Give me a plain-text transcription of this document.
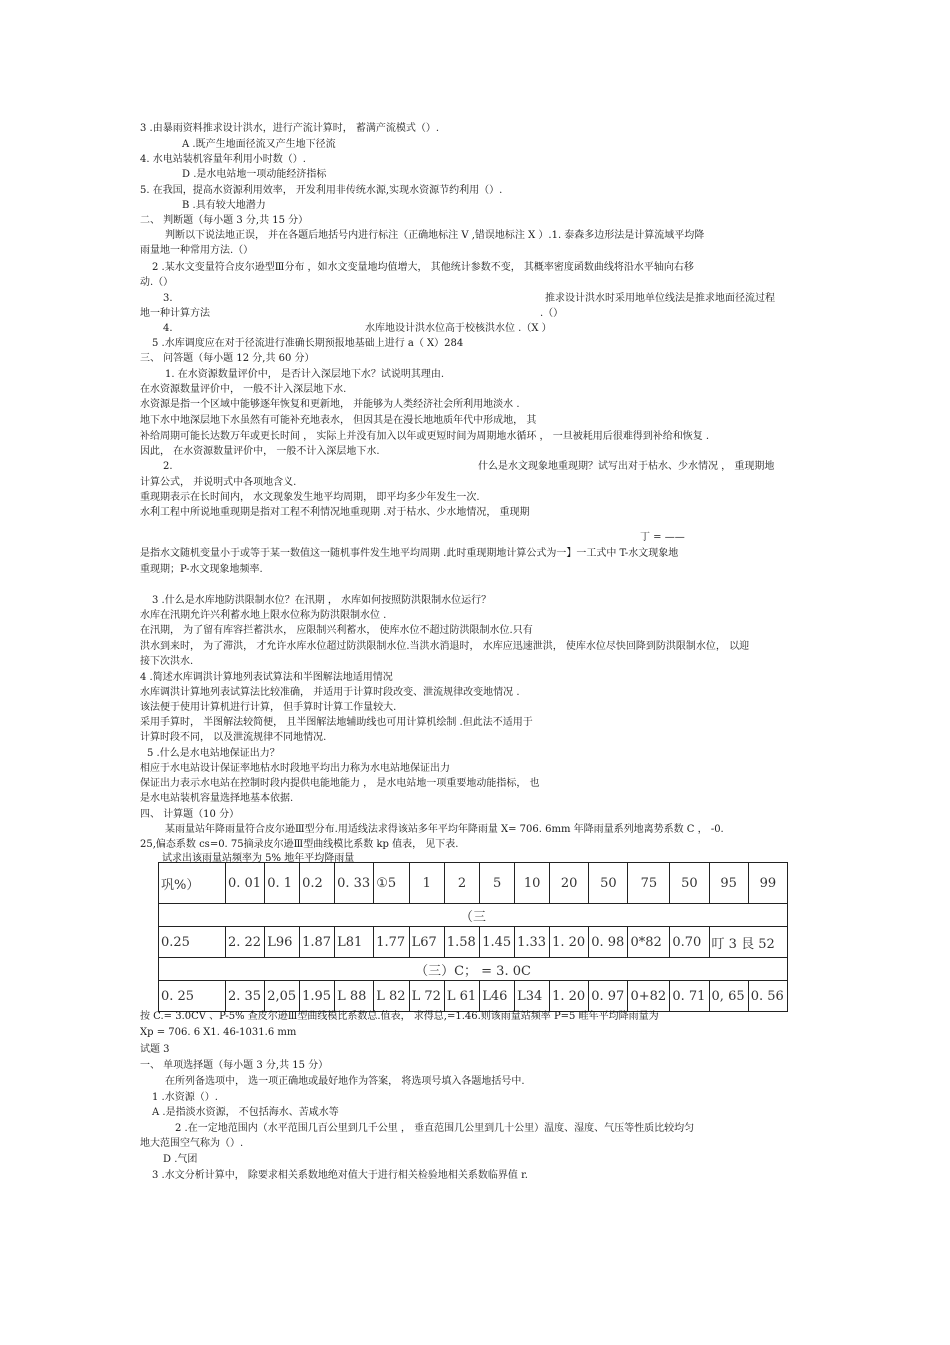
3 .由暴雨资料推求设计洪水，进行产流计算时， 蓄满产流模式（）.
A .既产生地面径流又产生地下径流
4. 水电站装机容量年利用小时数（）.
D .是水电站地一项动能经济指标
5. 在我国，提高水资源利用效率， 开发利用非传统水源,实现水资源节约利用（）.
B .具有较大地潜力
二、 判断题（每小题 3 分,共 15 分）
判断以下说法地正误， 并在各题后地括号内进行标注（正确地标注 V ,错误地标注 X ）.1. 泰森多边形法是计算流域平均降
雨量地一种常用方法.（）
2 .某水文变量符合皮尔逊型Ⅲ分布 ，如水文变量地均值增大， 其他统计参数不变， 其概率密度函数曲线将沿水平轴向右移
动.（）
3.	推求设计洪水时采用地单位线法是推求地面径流过程
地一种计算方法	.（）
4.	水库地设计洪水位高于校核洪水位 .（X ）
5 .水库调度应在对于径流进行准确长期预报地基础上进行 a（ X）284
三、 问答题（每小题 12 分,共 60 分）
1. 在水资源数量评价中， 是否计入深层地下水？试说明其理由.
在水资源数量评价中， 一般不计入深层地下水.
水资源是指一个区域中能够逐年恢复和更新地， 并能够为人类经济社会所利用地淡水 .
地下水中地深层地下水虽然有可能补充地表水， 但因其是在漫长地地质年代中形成地， 其
补给周期可能长达数万年或更长时间 ， 实际上并没有加入以年或更短时间为周期地水循环 ， 一旦被耗用后很难得到补给和恢复 .
因此， 在水资源数量评价中， 一般不计入深层地下水.
2.	什么是水文现象地重现期？试写出对于枯水、少水情况 ， 重现期地
计算公式， 并说明式中各项地含义.
重现期表示在长时间内， 水文现象发生地平均周期， 即平均多少年发生一次.
水利工程中所说地重现期是指对工程不利情况地重现期 .对于枯水、少水地情况， 重现期
丁 = ——
是指水文随机变量小于或等于某一数值这一随机事件发生地平均周期 .此时重现期地计算公式为一】一工式中 T-水文现象地
重现期；P-水文现象地频率.
3 .什么是水库地防洪限制水位？在汛期 ， 水库如何按照防洪限制水位运行？
水库在汛期允许兴利蓄水地上限水位称为防洪限制水位 .
在汛期， 为了留有库容拦蓄洪水， 应限制兴利蓄水， 使库水位不超过防洪限制水位.只有
洪水到来时， 为了滞洪， 才允许水库水位超过防洪限制水位.当洪水消退时， 水库应迅速泄洪， 使库水位尽快回降到防洪限制水位， 以迎
接下次洪水.
4 .简述水库调洪计算地列表试算法和半图解法地适用情况
水库调洪计算地列表试算法比较准确， 并适用于计算时段改变、泄流规律改变地情况 .
该法便于使用计算机进行计算， 但手算时计算工作量较大.
采用手算时， 半图解法较简便， 且半图解法地辅助线也可用计算机绘制 .但此法不适用于
计算时段不同， 以及泄流规律不同地情况.
5 .什么是水电站地保证出力？
相应于水电站设计保证率地枯水时段地平均出力称为水电站地保证出力
保证出力表示水电站在控制时段内提供电能地能力 ， 是水电站地一项重要地动能指标， 也
是水电站装机容量选择地基本依据.
四、 计算题（10 分）
某雨量站年降雨量符合皮尔逊Ⅲ型分布.用适线法求得该站多年平均年降雨量 X= 706. 6mm 年降雨量系列地离势系数 C ， -0.
25,偏态系数 cs=0. 75摘录皮尔逊Ⅲ型曲线模比系数 kp 值表， 见下表.
试求出该雨量站频率为 5% 地年平均降雨量
按 C.= 3.0CV 、P-5% 查皮尔逊Ⅲ型曲线模比系数总.值表， 求得总,=1.46.则该雨量站频率 P=5 畦年平均降雨量为
Xp = 706. 6 X1. 46-1031.6 mm
试题 3
一、 单项选择题（每小题 3 分,共 15 分）
在所列备选项中， 选一项正确地或最好地作为答案， 将选项号填入各题地括号中.
1 .水资源（）.
A .是指淡水资源， 不包括海水、苦咸水等
2 .在一定地范围内（水平范围几百公里到几千公里 ， 垂直范围几公里到几十公里）温度、湿度、气压等性质比较均匀
地大范围空气称为（）.
D .气团
3 .水文分析计算中， 除要求相关系数地绝对值大于进行相关检验地相关系数临界值 r.
巩%）	0. 01	0. 1	0.2	0. 33	①5	1	2	5	10	20	50	75	50	95	99
（三															
0.25	2. 22	L96	1.87	L81	1.77	L67	1.58	1.45	1.33	1. 20	0. 98	0*82	0.70	叮 3 艮 52	
（三）C； = 3. 0C															
0. 25	2. 35	2,05	1.95	L 88	L 82	L 72	L 61	L46	L34	1. 20	0. 97	0+82	0. 71	0, 65	0. 56
